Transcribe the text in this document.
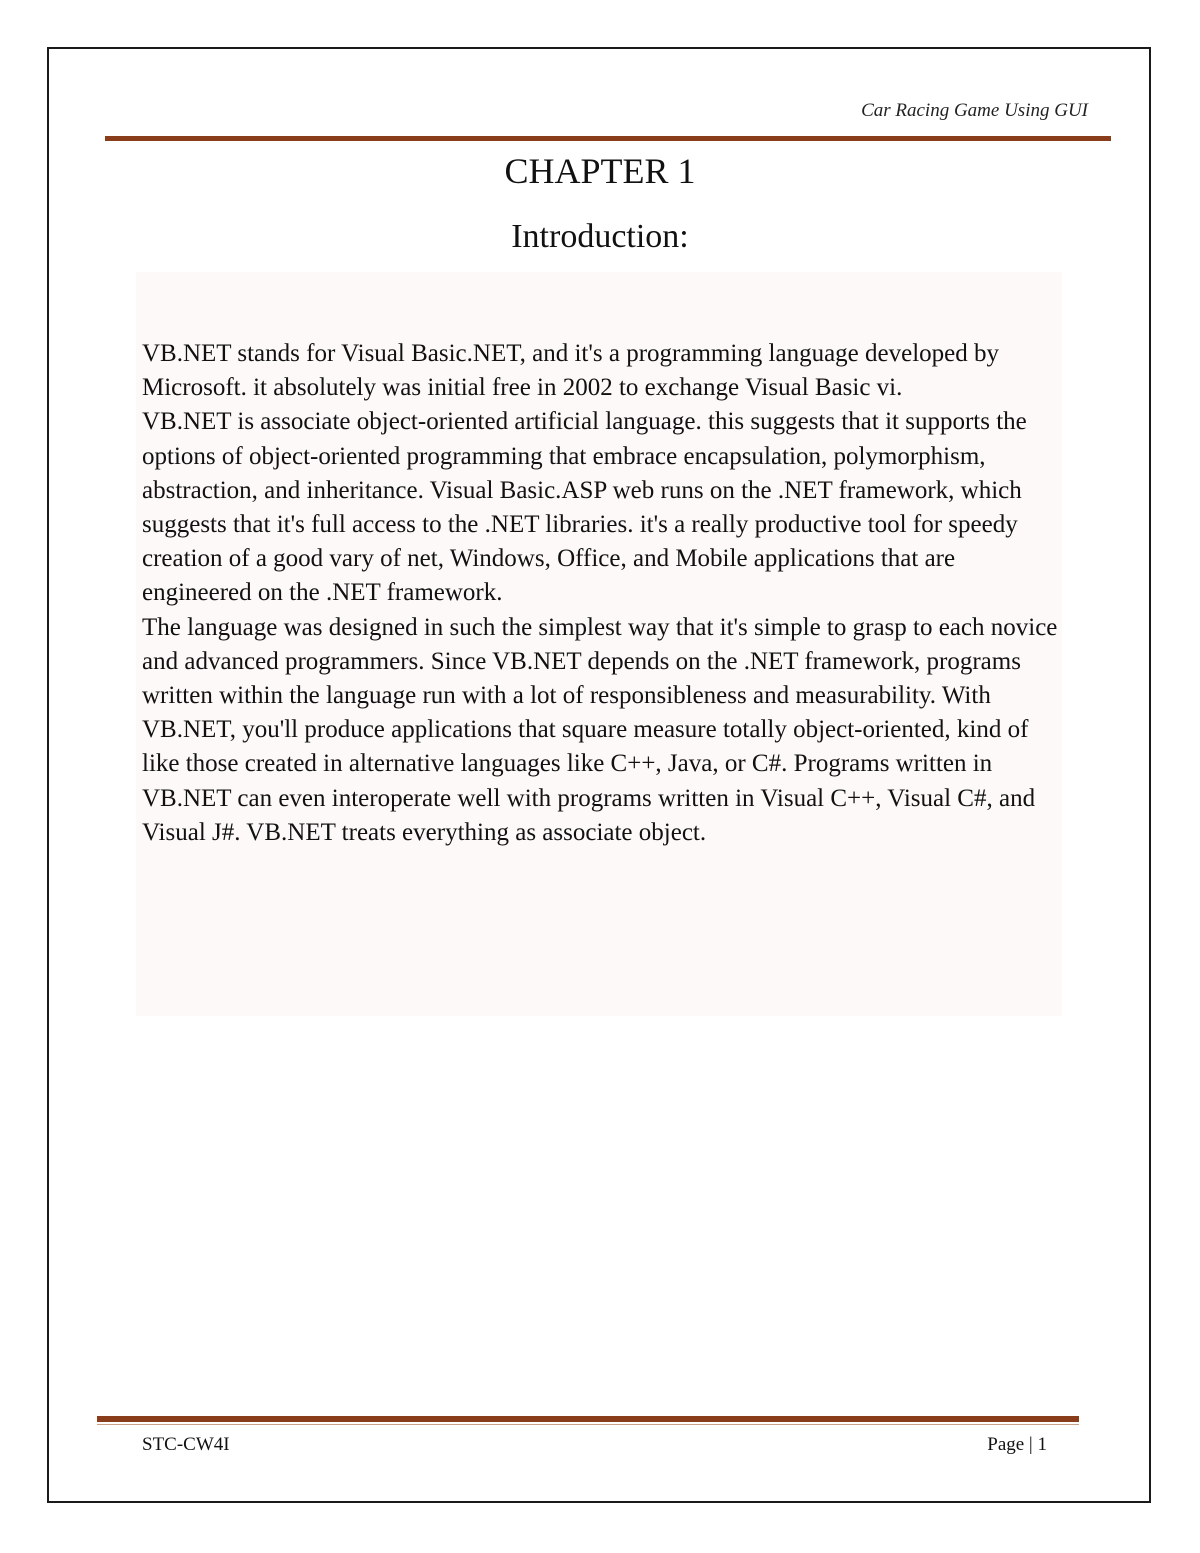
Car Racing Game Using GUI
CHAPTER 1
Introduction:

VB.NET stands for Visual Basic.NET, and it's a programming language developed by Microsoft. it absolutely was initial free in 2002 to exchange Visual Basic vi.

VB.NET is associate object-oriented artificial language. this suggests that it supports the options of object-oriented programming that embrace encapsulation, polymorphism, abstraction, and inheritance. Visual Basic.ASP web runs on the .NET framework, which suggests that it's full access to the .NET libraries. it's a really productive tool for speedy creation of a good vary of net, Windows, Office, and Mobile applications that are engineered on the .NET framework.

The language was designed in such the simplest way that it's simple to grasp to each novice and advanced programmers. Since VB.NET depends on the .NET framework, programs written within the language run with a lot of responsibleness and measurability. With VB.NET, you'll produce applications that square measure totally object-oriented, kind of like those created in alternative languages like C++, Java, or C#. Programs written in VB.NET can even interoperate well with programs written in Visual C++, Visual C#, and Visual J#. VB.NET treats everything as associate object.

STC-CW4I	Page | 1
